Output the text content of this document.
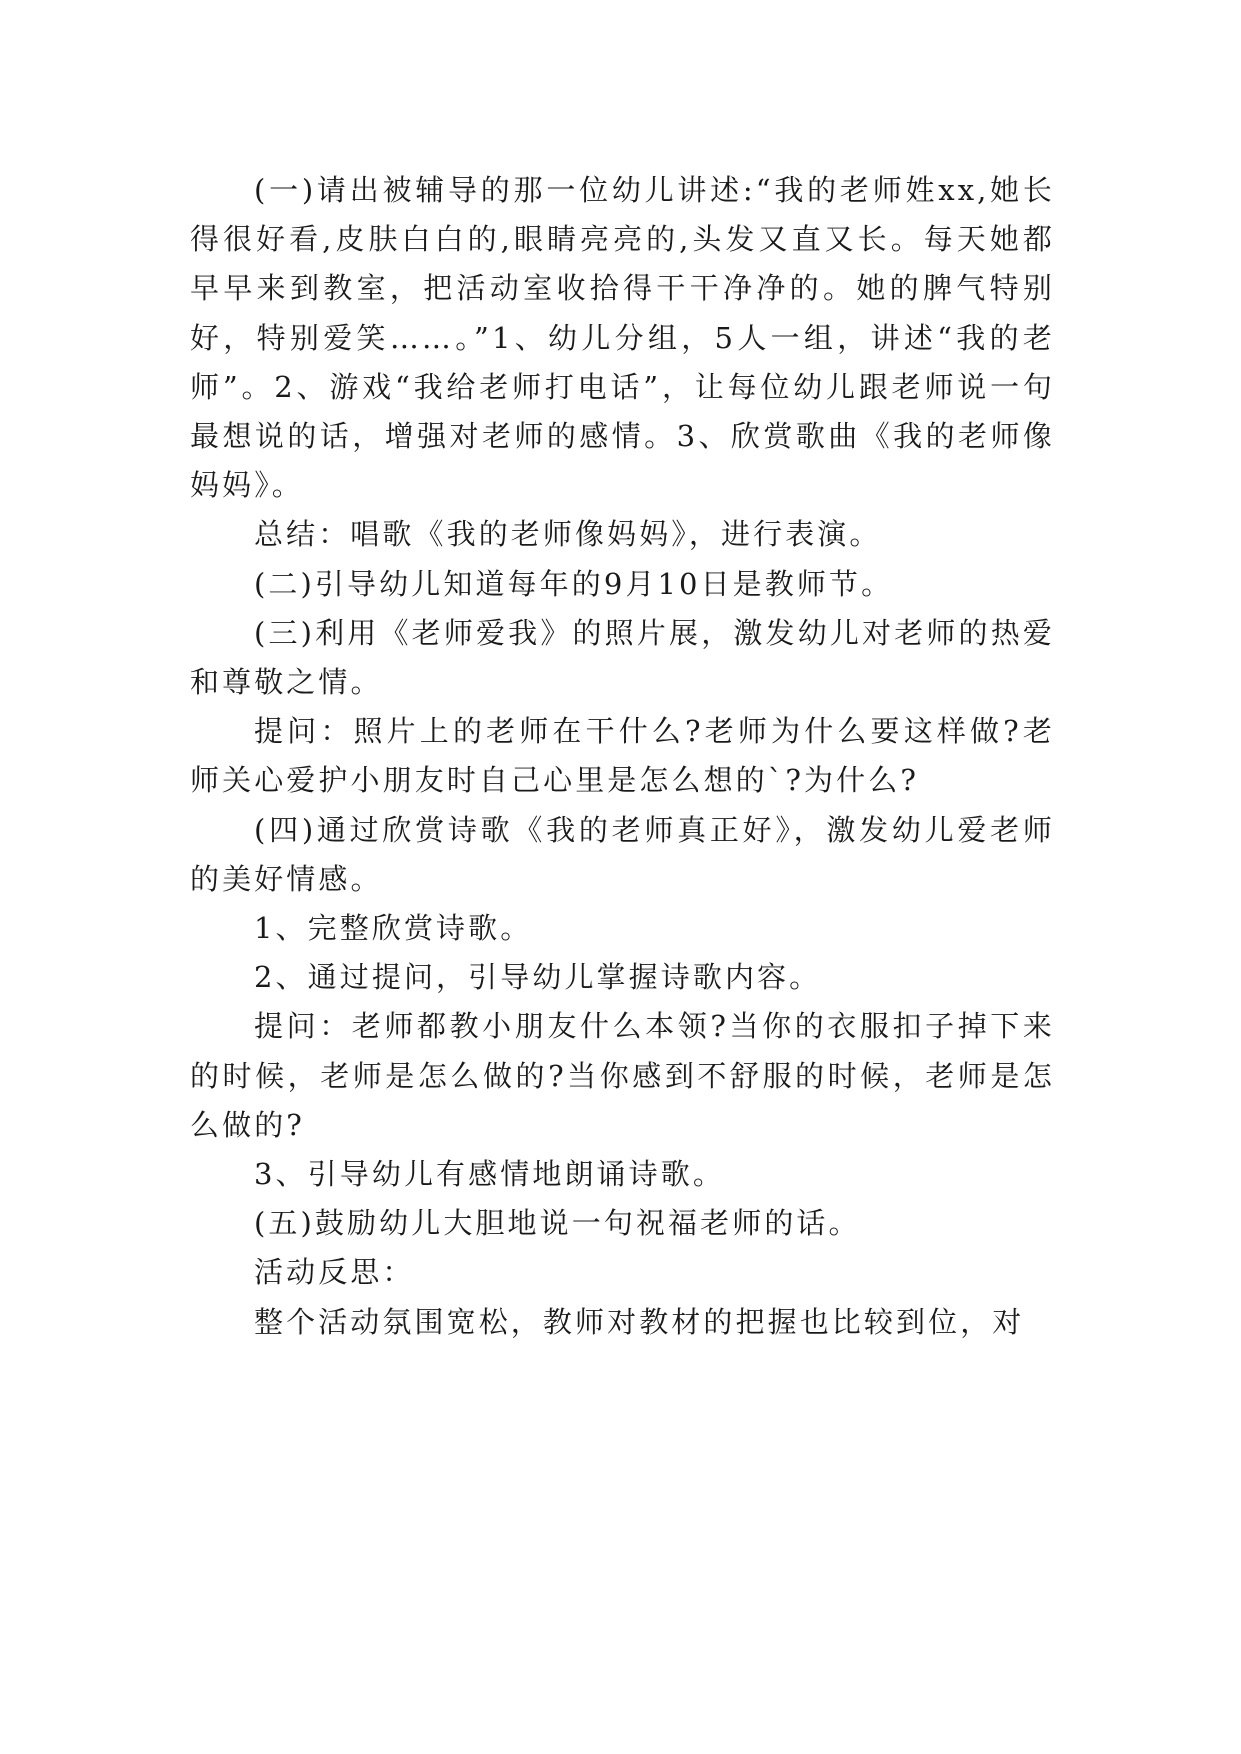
(一)请出被辅导的那一位幼儿讲述:“我的老师姓xx,她长得很好看,皮肤白白的,眼睛亮亮的,头发又直又长。每天她都早早来到教室，把活动室收拾得干干净净的。她的脾气特别好，特别爱笑……。”1、幼儿分组，5人一组，讲述“我的老师”。2、游戏“我给老师打电话”，让每位幼儿跟老师说一句最想说的话，增强对老师的感情。3、欣赏歌曲《我的老师像妈妈》。

总结：唱歌《我的老师像妈妈》，进行表演。

(二)引导幼儿知道每年的9月10日是教师节。

(三)利用《老师爱我》的照片展，激发幼儿对老师的热爱和尊敬之情。

提问：照片上的老师在干什么?老师为什么要这样做?老师关心爱护小朋友时自己心里是怎么想的`?为什么?

(四)通过欣赏诗歌《我的老师真正好》，激发幼儿爱老师的美好情感。

1、完整欣赏诗歌。

2、通过提问，引导幼儿掌握诗歌内容。

提问：老师都教小朋友什么本领?当你的衣服扣子掉下来的时候，老师是怎么做的?当你感到不舒服的时候，老师是怎么做的?

3、引导幼儿有感情地朗诵诗歌。

(五)鼓励幼儿大胆地说一句祝福老师的话。

活动反思：

整个活动氛围宽松，教师对教材的把握也比较到位，对
